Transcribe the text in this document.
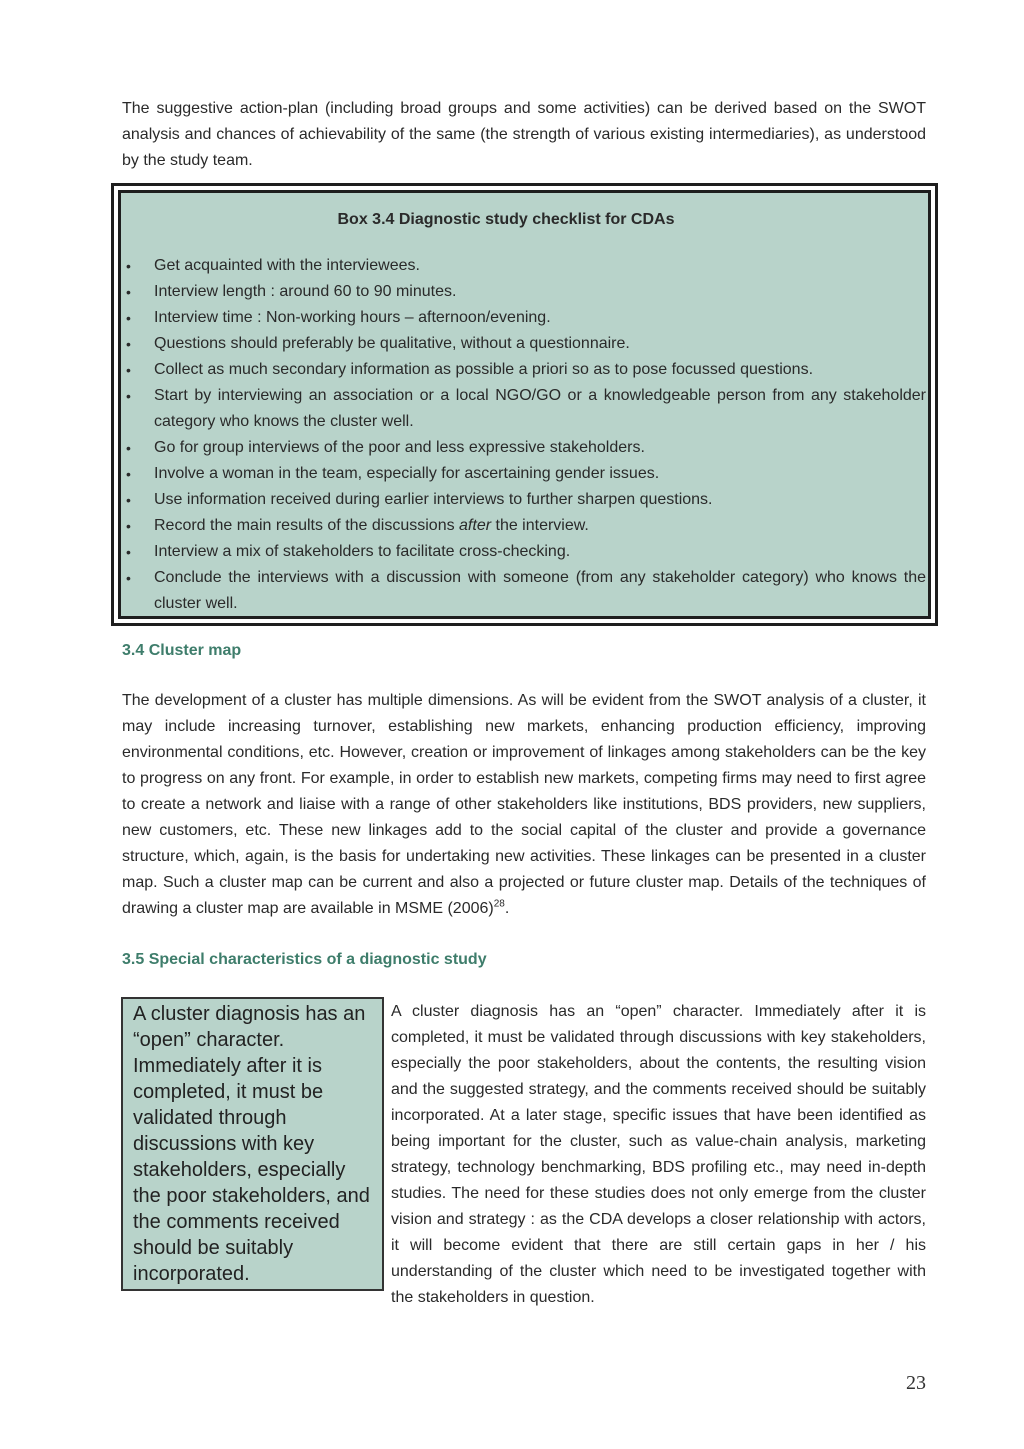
The suggestive action-plan (including broad groups and some activities) can be derived based on the SWOT analysis and chances of achievability of the same (the strength of various existing intermediaries), as understood by the study team.

Box 3.4 Diagnostic study checklist for CDAs

• Get acquainted with the interviewees.
• Interview length : around 60 to 90 minutes.
• Interview time : Non-working hours – afternoon/evening.
• Questions should preferably be qualitative, without a questionnaire.
• Collect as much secondary information as possible a priori so as to pose focussed questions.
• Start by interviewing an association or a local NGO/GO or a knowledgeable person from any stakeholder category who knows the cluster well.
• Go for group interviews of the poor and less expressive stakeholders.
• Involve a woman in the team, especially for ascertaining gender issues.
• Use information received during earlier interviews to further sharpen questions.
• Record the main results of the discussions after the interview.
• Interview a mix of stakeholders to facilitate cross-checking.
• Conclude the interviews with a discussion with someone (from any stakeholder category) who knows the cluster well.
3.4 Cluster map

The development of a cluster has multiple dimensions. As will be evident from the SWOT analysis of a cluster, it may include increasing turnover, establishing new markets, enhancing production efficiency, improving environmental conditions, etc. However, creation or improvement of linkages among stakeholders can be the key to progress on any front. For example, in order to establish new markets, competing firms may need to first agree to create a network and liaise with a range of other stakeholders like institutions, BDS providers, new suppliers, new customers, etc. These new linkages add to the social capital of the cluster and provide a governance structure, which, again, is the basis for undertaking new activities. These linkages can be presented in a cluster map. Such a cluster map can be current and also a projected or future cluster map. Details of the techniques of drawing a cluster map are available in MSME $(2006)^{28}$.

3.5 Special characteristics of a diagnostic study
A cluster diagnosis has an “open” character. Immediately after it is completed, it must be validated through discussions with key stakeholders, especially the poor stakeholders, and the comments received should be suitably incorporated.

A cluster diagnosis has an “open” character. Immediately after it is completed, it must be validated through discussions with key stakeholders, especially the poor stakeholders, about the contents, the resulting vision and the suggested strategy, and the comments received should be suitably incorporated. At a later stage, specific issues that have been identified as being important for the cluster, such as value-chain analysis, marketing strategy, technology benchmarking, BDS profiling etc., may need in-depth studies. The need for these studies does not only emerge from the cluster vision and strategy : as the CDA develops a closer relationship with actors, it will become evident that there are still certain gaps in her / his understanding of the cluster which need to be investigated together with the stakeholders in question.

23
